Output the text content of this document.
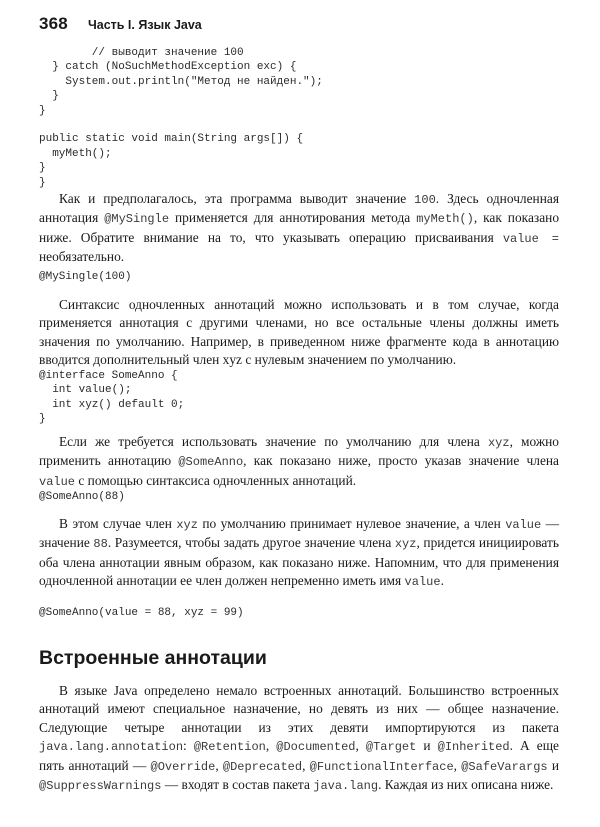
368 Часть I. Язык Java
// выводит значение 100
} catch (NoSuchMethodException exc) {
System.out.println("Метод не найден.");
}
}

public static void main(String args[]) {
myMeth();
}
}

Как и предполагалось, эта программа выводит значение 100. Здесь одночленная аннотация @MySingle применяется для аннотирования метода myMeth(), как показано ниже. Обратите внимание на то, что указывать операцию присваивания value = необязательно.

@MySingle(100)

Синтаксис одночленных аннотаций можно использовать и в том случае, когда применяется аннотация с другими членами, но все остальные члены должны иметь значения по умолчанию. Например, в приведенном ниже фрагменте кода в аннотацию вводится дополнительный член xyz с нулевым значением по умолчанию.

@interface SomeAnno {
int value();
int xyz() default 0;
}

Если же требуется использовать значение по умолчанию для члена xyz, можно применить аннотацию @SomeAnno, как показано ниже, просто указав значение члена value с помощью синтаксиса одночленных аннотаций.

@SomeAnno(88)

В этом случае член xyz по умолчанию принимает нулевое значение, а член value — значение 88. Разумеется, чтобы задать другое значение члена xyz, придется инициировать оба члена аннотации явным образом, как показано ниже. Напомним, что для применения одночленной аннотации ее член должен непременно иметь имя value.

@SomeAnno(value = 88, xyz = 99)
Встроенные аннотации

В языке Java определено немало встроенных аннотаций. Большинство встроенных аннотаций имеют специальное назначение, но девять из них — общее назначение. Следующие четыре аннотации из этих девяти импортируются из пакета java.lang.annotation: @Retention, @Documented, @Target и @Inherited. А еще пять аннотаций — @Override, @Deprecated, @FunctionalInterface, @SafeVarargs и @SuppressWarnings — входят в состав пакета java.lang. Каждая из них описана ниже.
